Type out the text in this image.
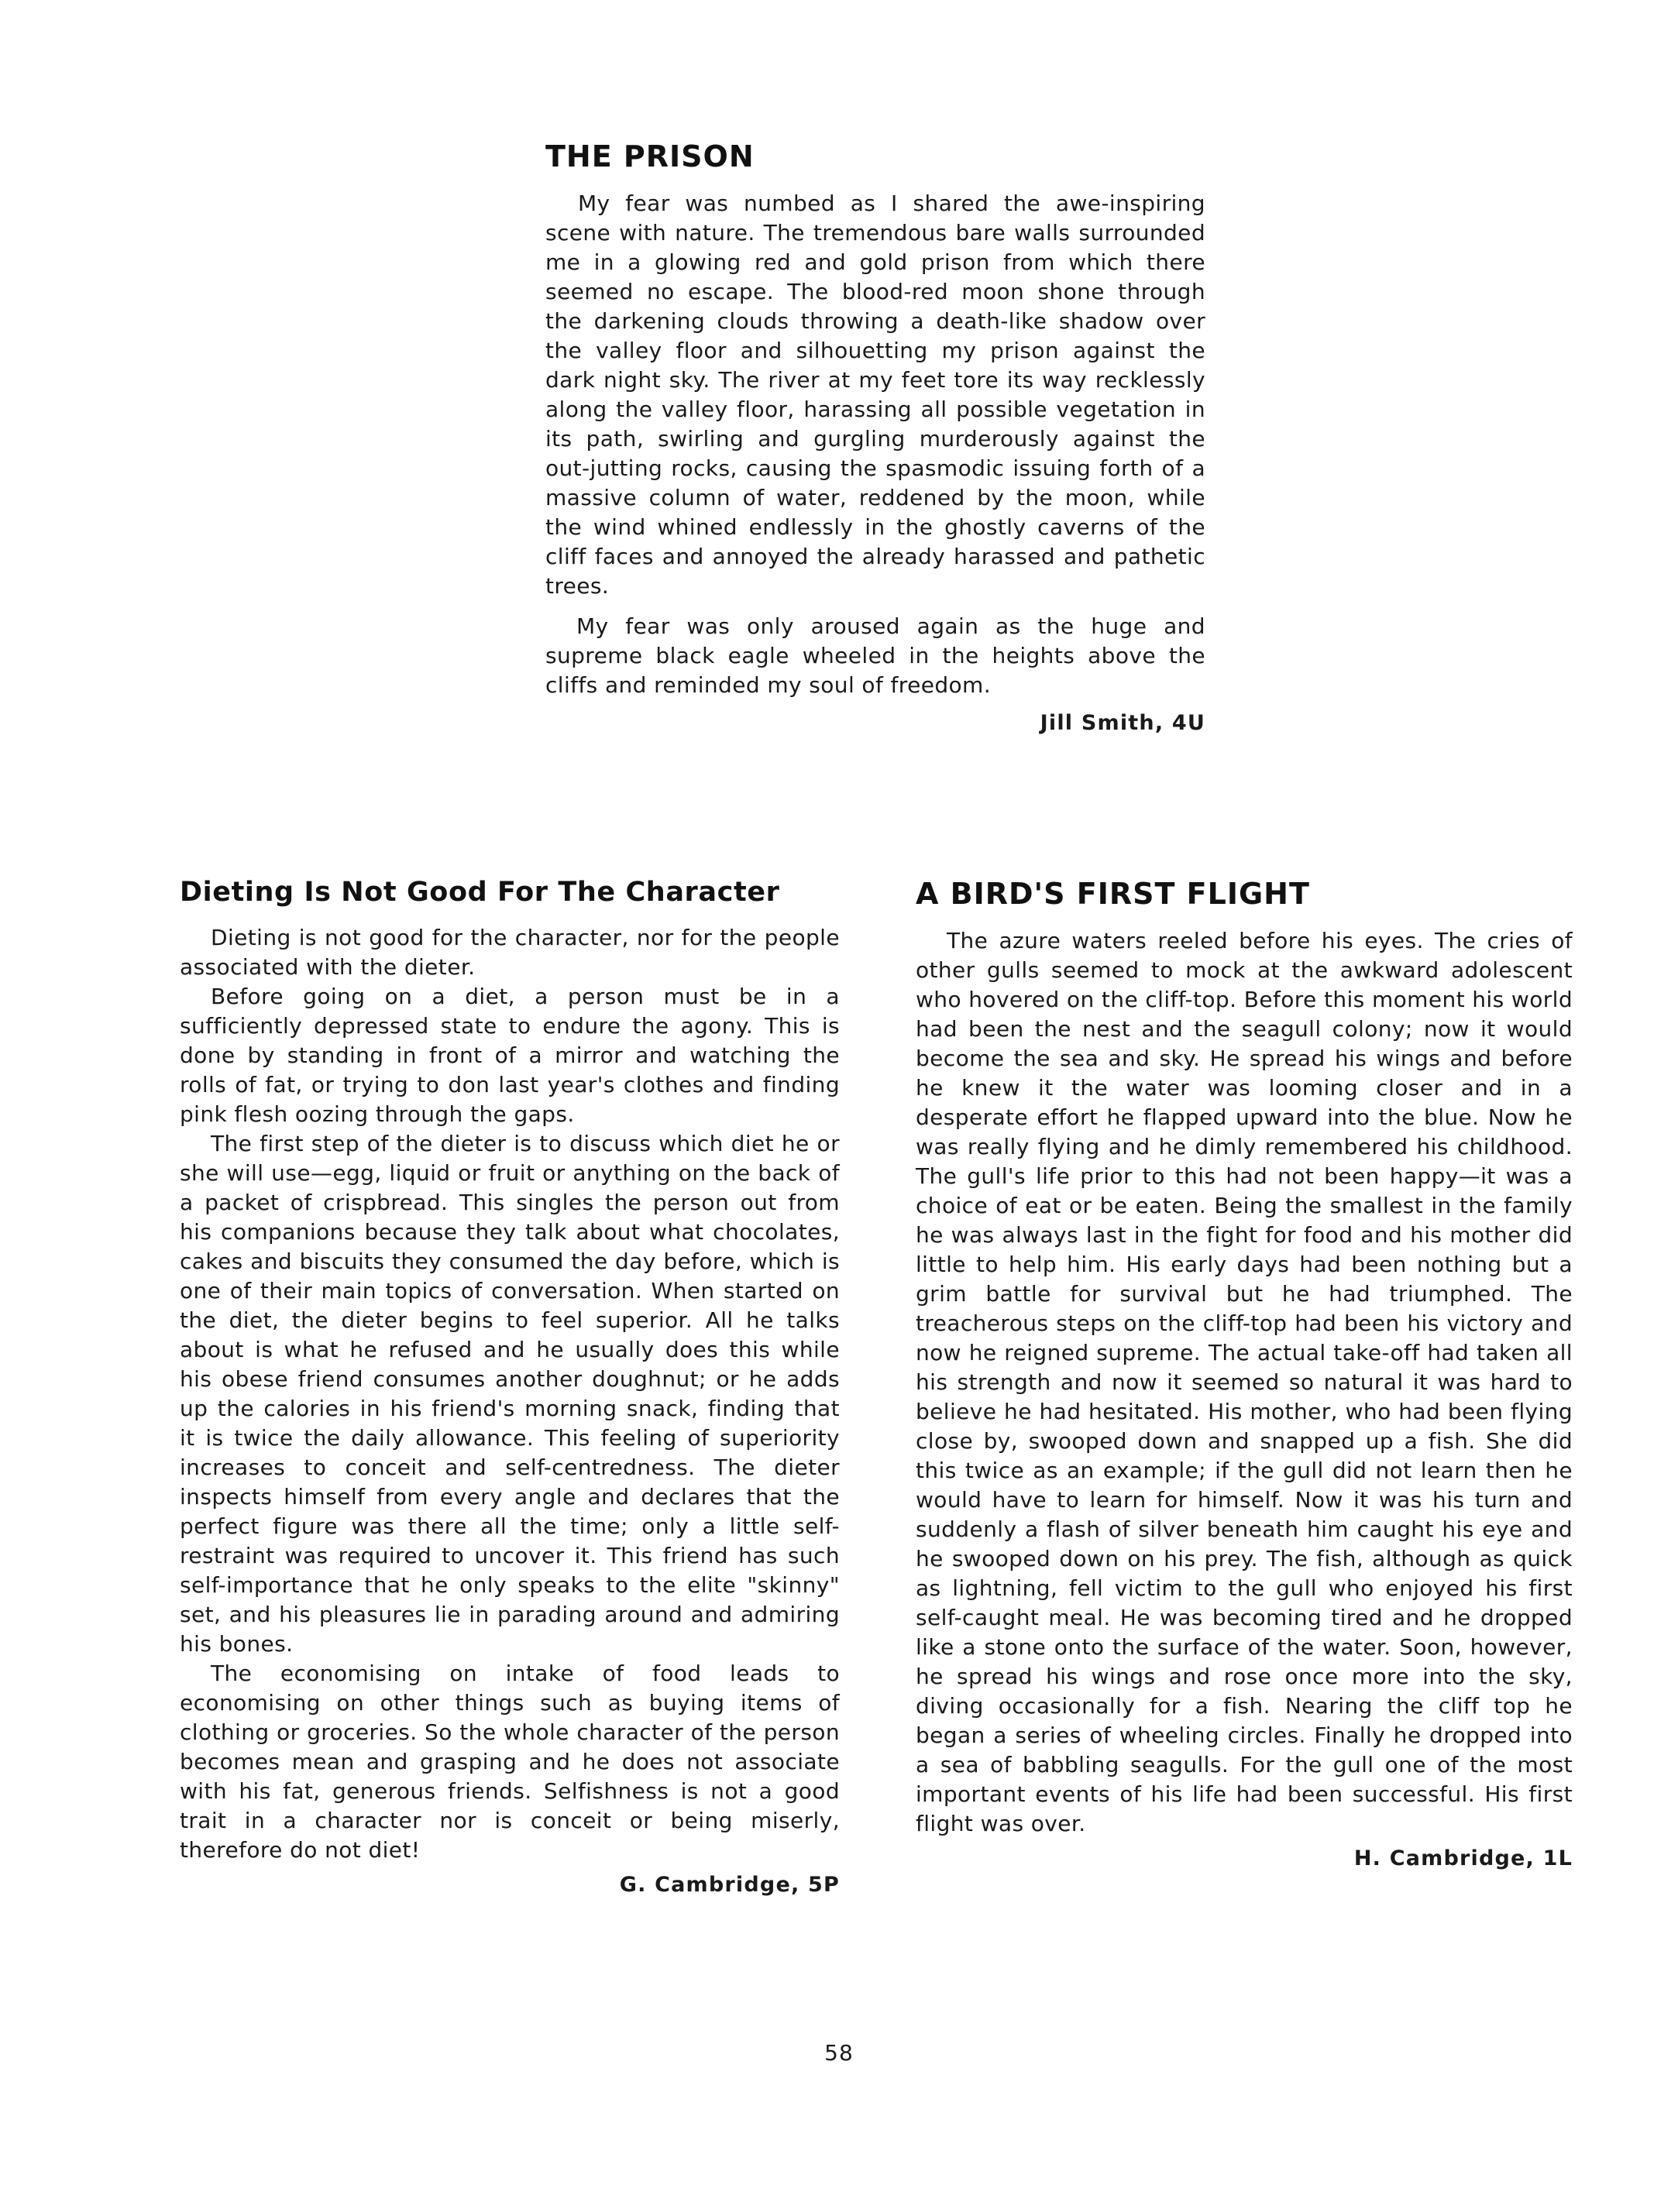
THE PRISON

My fear was numbed as I shared the awe-inspiring scene with nature. The tremendous bare walls surrounded me in a glowing red and gold prison from which there seemed no escape. The blood-red moon shone through the darkening clouds throwing a death-like shadow over the valley floor and silhouetting my prison against the dark night sky. The river at my feet tore its way recklessly along the valley floor, harassing all possible vegetation in its path, swirling and gurgling murderously against the out-jutting rocks, causing the spasmodic issuing forth of a massive column of water, reddened by the moon, while the wind whined endlessly in the ghostly caverns of the cliff faces and annoyed the already harassed and pathetic trees.

My fear was only aroused again as the huge and supreme black eagle wheeled in the heights above the cliffs and reminded my soul of freedom.

Jill Smith, 4U
Dieting Is Not Good For The Character

Dieting is not good for the character, nor for the people associated with the dieter.

Before going on a diet, a person must be in a sufficiently depressed state to endure the agony. This is done by standing in front of a mirror and watching the rolls of fat, or trying to don last year's clothes and finding pink flesh oozing through the gaps.

The first step of the dieter is to discuss which diet he or she will use—egg, liquid or fruit or anything on the back of a packet of crispbread. This singles the person out from his companions because they talk about what chocolates, cakes and biscuits they consumed the day before, which is one of their main topics of conversation. When started on the diet, the dieter begins to feel superior. All he talks about is what he refused and he usually does this while his obese friend consumes another doughnut; or he adds up the calories in his friend's morning snack, finding that it is twice the daily allowance. This feeling of superiority increases to conceit and self-centredness. The dieter inspects himself from every angle and declares that the perfect figure was there all the time; only a little self-restraint was required to uncover it. This friend has such self-importance that he only speaks to the elite "skinny" set, and his pleasures lie in parading around and admiring his bones.

The economising on intake of food leads to economising on other things such as buying items of clothing or groceries. So the whole character of the person becomes mean and grasping and he does not associate with his fat, generous friends. Selfishness is not a good trait in a character nor is conceit or being miserly, therefore do not diet!

G. Cambridge, 5P
A BIRD'S FIRST FLIGHT

The azure waters reeled before his eyes. The cries of other gulls seemed to mock at the awkward adolescent who hovered on the cliff-top. Before this moment his world had been the nest and the seagull colony; now it would become the sea and sky. He spread his wings and before he knew it the water was looming closer and in a desperate effort he flapped upward into the blue. Now he was really flying and he dimly remembered his childhood. The gull's life prior to this had not been happy—it was a choice of eat or be eaten. Being the smallest in the family he was always last in the fight for food and his mother did little to help him. His early days had been nothing but a grim battle for survival but he had triumphed. The treacherous steps on the cliff-top had been his victory and now he reigned supreme. The actual take-off had taken all his strength and now it seemed so natural it was hard to believe he had hesitated. His mother, who had been flying close by, swooped down and snapped up a fish. She did this twice as an example; if the gull did not learn then he would have to learn for himself. Now it was his turn and suddenly a flash of silver beneath him caught his eye and he swooped down on his prey. The fish, although as quick as lightning, fell victim to the gull who enjoyed his first self-caught meal. He was becoming tired and he dropped like a stone onto the surface of the water. Soon, however, he spread his wings and rose once more into the sky, diving occasionally for a fish. Nearing the cliff top he began a series of wheeling circles. Finally he dropped into a sea of babbling seagulls. For the gull one of the most important events of his life had been successful. His first flight was over.

H. Cambridge, 1L
58
